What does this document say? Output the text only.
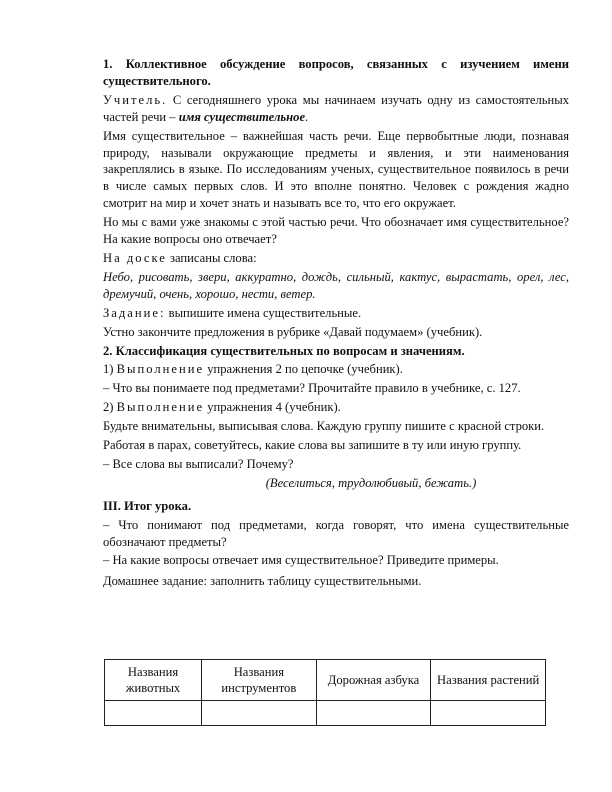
1. Коллективное обсуждение вопросов, связанных с изучением имени существительного.

Учитель. С сегодняшнего урока мы начинаем изучать одну из самостоятельных частей речи – имя существительное.

Имя существительное – важнейшая часть речи. Еще первобытные люди, познавая природу, называли окружающие предметы и явления, и эти наименования закреплялись в языке. По исследованиям ученых, существительное появилось в речи в числе самых первых слов. И это вполне понятно. Человек с рождения жадно смотрит на мир и хочет знать и называть все то, что его окружает.

Но мы с вами уже знакомы с этой частью речи. Что обозначает имя существительное? На какие вопросы оно отвечает?

На доске записаны слова:

Небо, рисовать, звери, аккуратно, дождь, сильный, кактус, вырастать, орел, лес, дремучий, очень, хорошо, нести, ветер.

Задание: выпишите имена существительные.

Устно закончите предложения в рубрике «Давай подумаем» (учебник).

2. Классификация существительных по вопросам и значениям.

1) Выполнение упражнения 2 по цепочке (учебник).

– Что вы понимаете под предметами? Прочитайте правило в учебнике, с. 127.

2) Выполнение упражнения 4 (учебник).

Будьте внимательны, выписывая слова. Каждую группу пишите с красной строки.

Работая в парах, советуйтесь, какие слова вы запишите в ту или иную группу.

– Все слова вы выписали? Почему?

(Веселиться, трудолюбивый, бежать.)

III. Итог урока.

– Что понимают под предметами, когда говорят, что имена существительные обозначают предметы?

– На какие вопросы отвечает имя существительное? Приведите примеры.

Домашнее задание: заполнить таблицу существительными.

Названия животных	Названия инструментов	Дорожная азбука	Названия растений
